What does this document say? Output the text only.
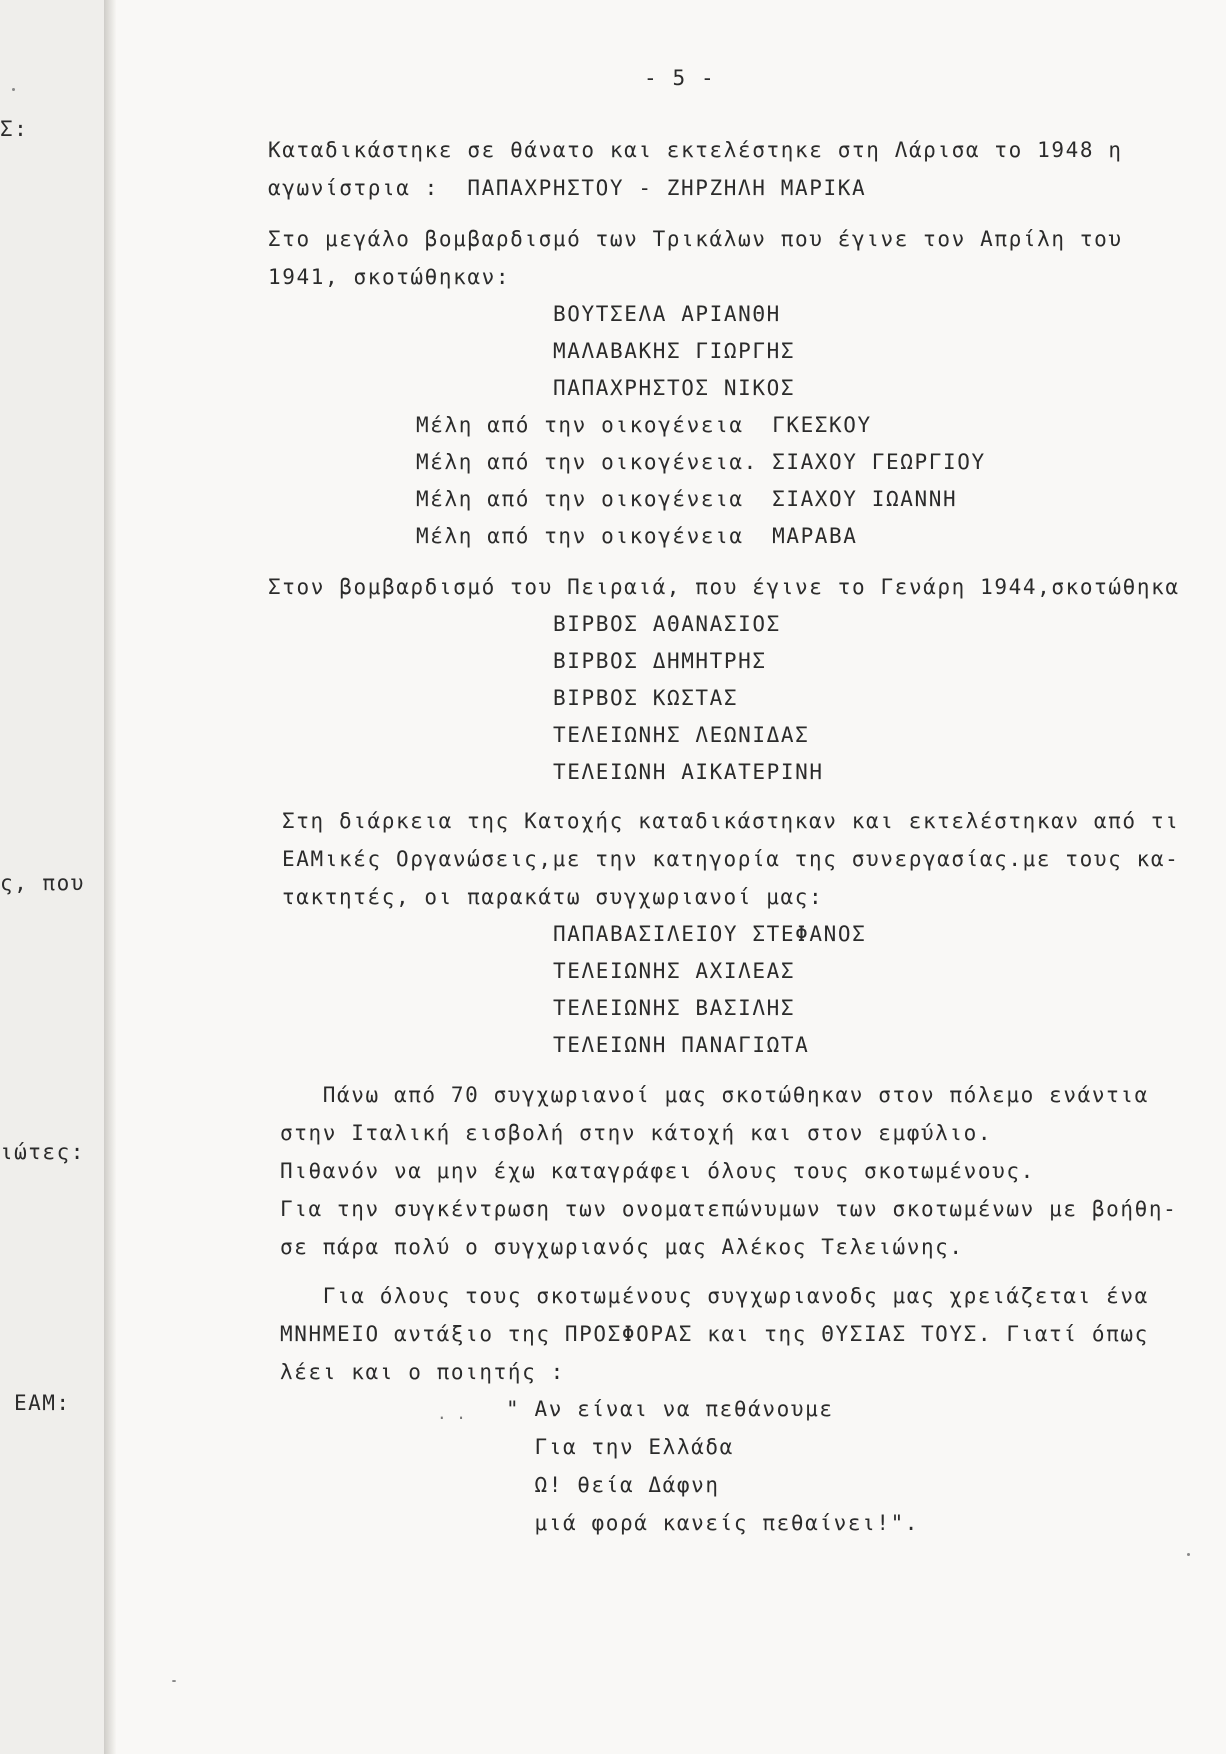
Σ:
ς, που
ιώτες:
ΕΑΜ:
- 5 -
Καταδικάστηκε σε θάνατο και εκτελέστηκε στη Λάρισα το 1948 η
αγωνίστρια :  ΠΑΠΑΧΡΗΣΤΟΥ - ΖΗΡΖΗΛΗ ΜΑΡΙΚΑ
Στο μεγάλο βομβαρδισμό των Τρικάλων που έγινε τον Απρίλη του
1941, σκοτώθηκαν:
ΒΟΥΤΣΕΛΑ ΑΡΙΑΝΘΗ
ΜΑΛΑΒΑΚΗΣ ΓΙΩΡΓΗΣ
ΠΑΠΑΧΡΗΣΤΟΣ ΝΙΚΟΣ
Μέλη από την οικογένεια  ΓΚΕΣΚΟΥ
Μέλη από την οικογένεια. ΣΙΑΧΟΥ ΓΕΩΡΓΙΟΥ
Μέλη από την οικογένεια  ΣΙΑΧΟΥ ΙΩΑΝΝΗ
Μέλη από την οικογένεια  ΜΑΡΑΒΑ
Στον βομβαρδισμό του Πειραιά, που έγινε το Γενάρη 1944,σκοτώθηκα
ΒΙΡΒΟΣ ΑΘΑΝΑΣΙΟΣ
ΒΙΡΒΟΣ ΔΗΜΗΤΡΗΣ
ΒΙΡΒΟΣ ΚΩΣΤΑΣ
ΤΕΛΕΙΩΝΗΣ ΛΕΩΝΙΔΑΣ
ΤΕΛΕΙΩΝΗ ΑΙΚΑΤΕΡΙΝΗ
Στη διάρκεια της Κατοχής καταδικάστηκαν και εκτελέστηκαν από τι
ΕΑΜικές Οργανώσεις,με την κατηγορία της συνεργασίας.με τους κα-
τακτητές, οι παρακάτω συγχωριανοί μας:
ΠΑΠΑΒΑΣΙΛΕΙΟΥ ΣΤΕΦΑΝΟΣ
ΤΕΛΕΙΩΝΗΣ ΑΧΙΛΕΑΣ
ΤΕΛΕΙΩΝΗΣ ΒΑΣΙΛΗΣ
ΤΕΛΕΙΩΝΗ ΠΑΝΑΓΙΩΤΑ
Πάνω από 70 συγχωριανοί μας σκοτώθηκαν στον πόλεμο ενάντια
στην Ιταλική εισβολή στην κάτοχή και στον εμφύλιο.
Πιθανόν να μην έχω καταγράφει όλους τους σκοτωμένους.
Για την συγκέντρωση των ονοματεπώνυμων των σκοτωμένων με βοήθη-
σε πάρα πολύ ο συγχωριανός μας Αλέκος Τελειώνης.
Για όλους τους σκοτωμένους συγχωριανοδς μας χρειάζεται ένα
ΜΝΗΜΕΙΟ αντάξιο της ΠΡΟΣΦΟΡΑΣ και της ΘΥΣΙΑΣ ΤΟΥΣ. Γιατί όπως
λέει και ο ποιητής :
. . " Αν είναι να πεθάνουμε
Για την Ελλάδα
Ω! θεία Δάφνη
μιά φορά κανείς πεθαίνει!".
